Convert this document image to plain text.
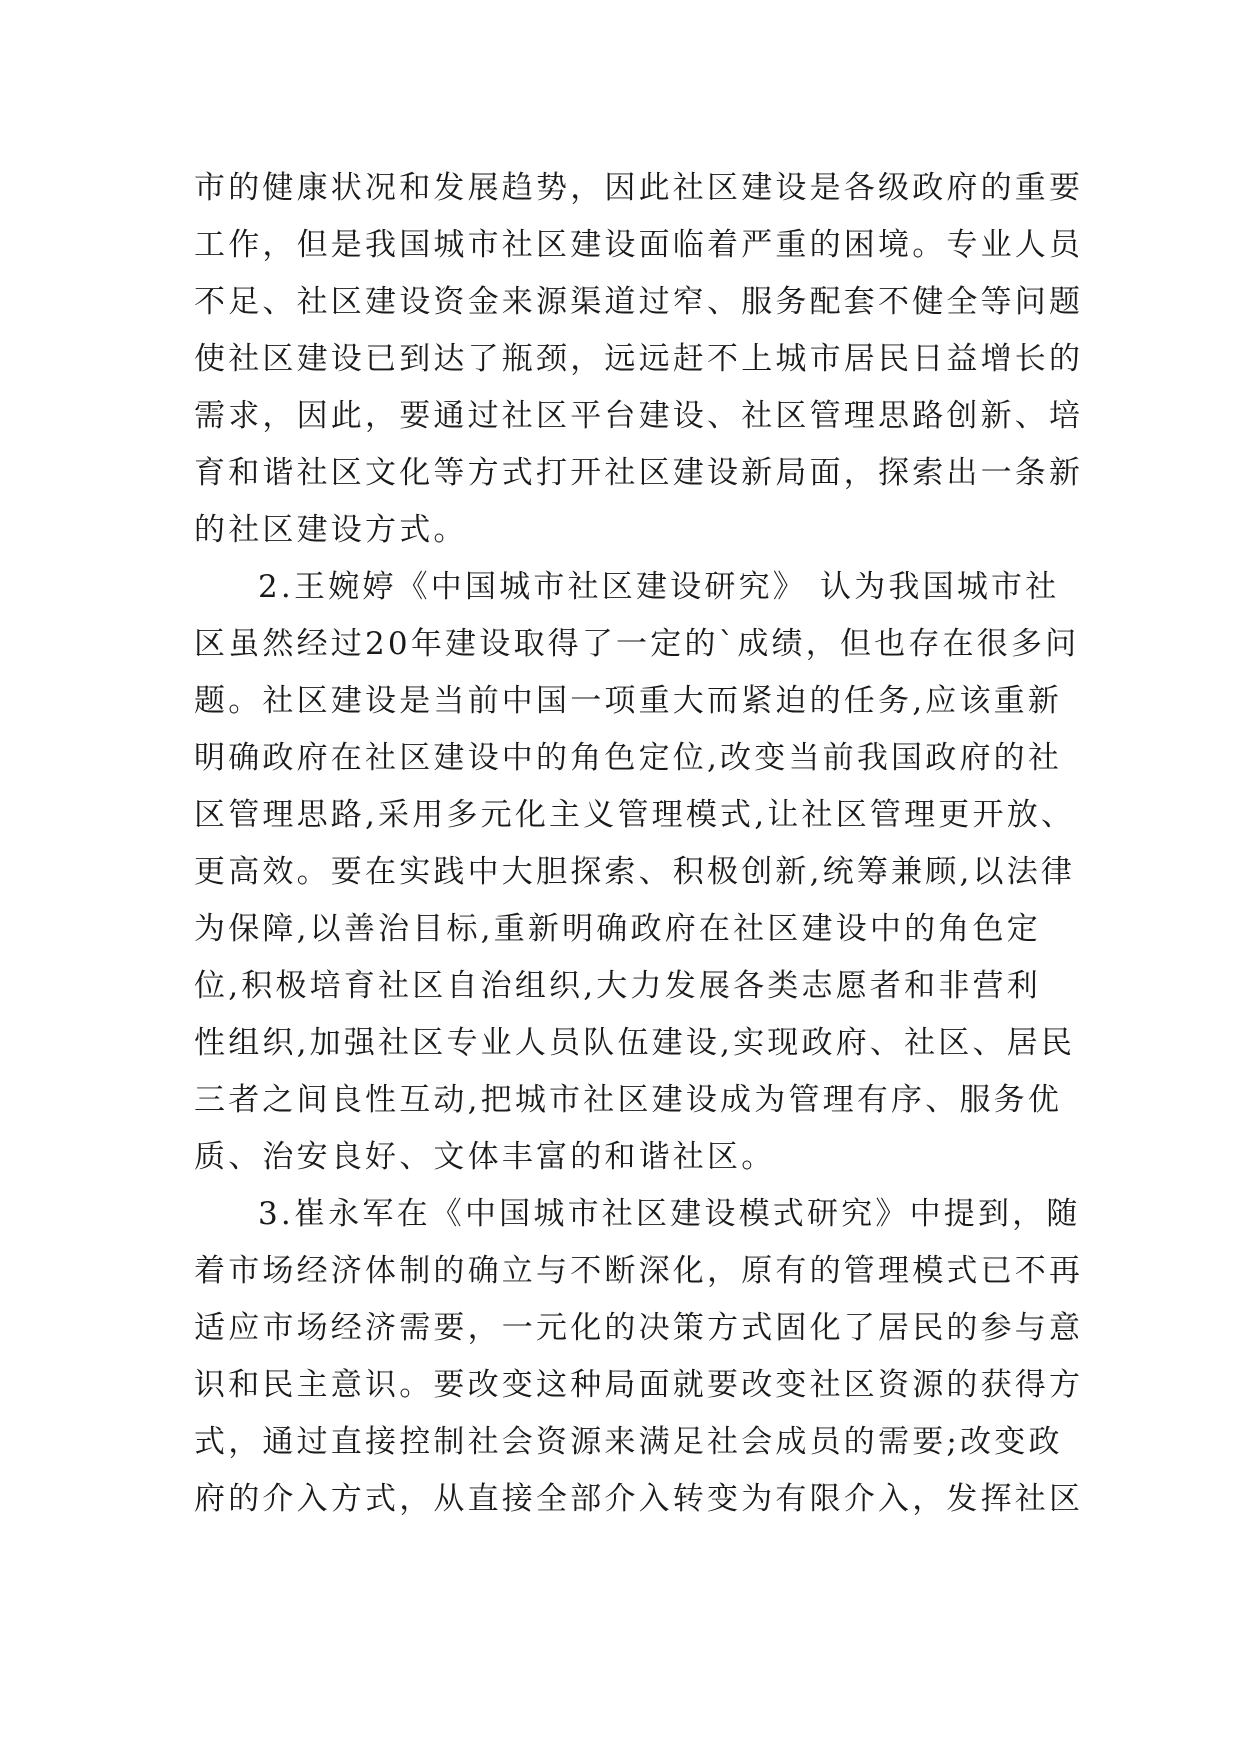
市的健康状况和发展趋势，因此社区建设是各级政府的重要
工作，但是我国城市社区建设面临着严重的困境。专业人员
不足、社区建设资金来源渠道过窄、服务配套不健全等问题
使社区建设已到达了瓶颈，远远赶不上城市居民日益增长的
需求，因此，要通过社区平台建设、社区管理思路创新、培
育和谐社区文化等方式打开社区建设新局面，探索出一条新
的社区建设方式。
2.王婉婷《中国城市社区建设研究》 认为我国城市社
区虽然经过20年建设取得了一定的`成绩，但也存在很多问
题。社区建设是当前中国一项重大而紧迫的任务,应该重新
明确政府在社区建设中的角色定位,改变当前我国政府的社
区管理思路,采用多元化主义管理模式,让社区管理更开放、
更高效。要在实践中大胆探索、积极创新,统筹兼顾,以法律
为保障,以善治目标,重新明确政府在社区建设中的角色定
位,积极培育社区自治组织,大力发展各类志愿者和非营利
性组织,加强社区专业人员队伍建设,实现政府、社区、居民
三者之间良性互动,把城市社区建设成为管理有序、服务优
质、治安良好、文体丰富的和谐社区。
3.崔永军在《中国城市社区建设模式研究》中提到，随
着市场经济体制的确立与不断深化，原有的管理模式已不再
适应市场经济需要，一元化的决策方式固化了居民的参与意
识和民主意识。要改变这种局面就要改变社区资源的获得方
式，通过直接控制社会资源来满足社会成员的需要;改变政
府的介入方式，从直接全部介入转变为有限介入，发挥社区
